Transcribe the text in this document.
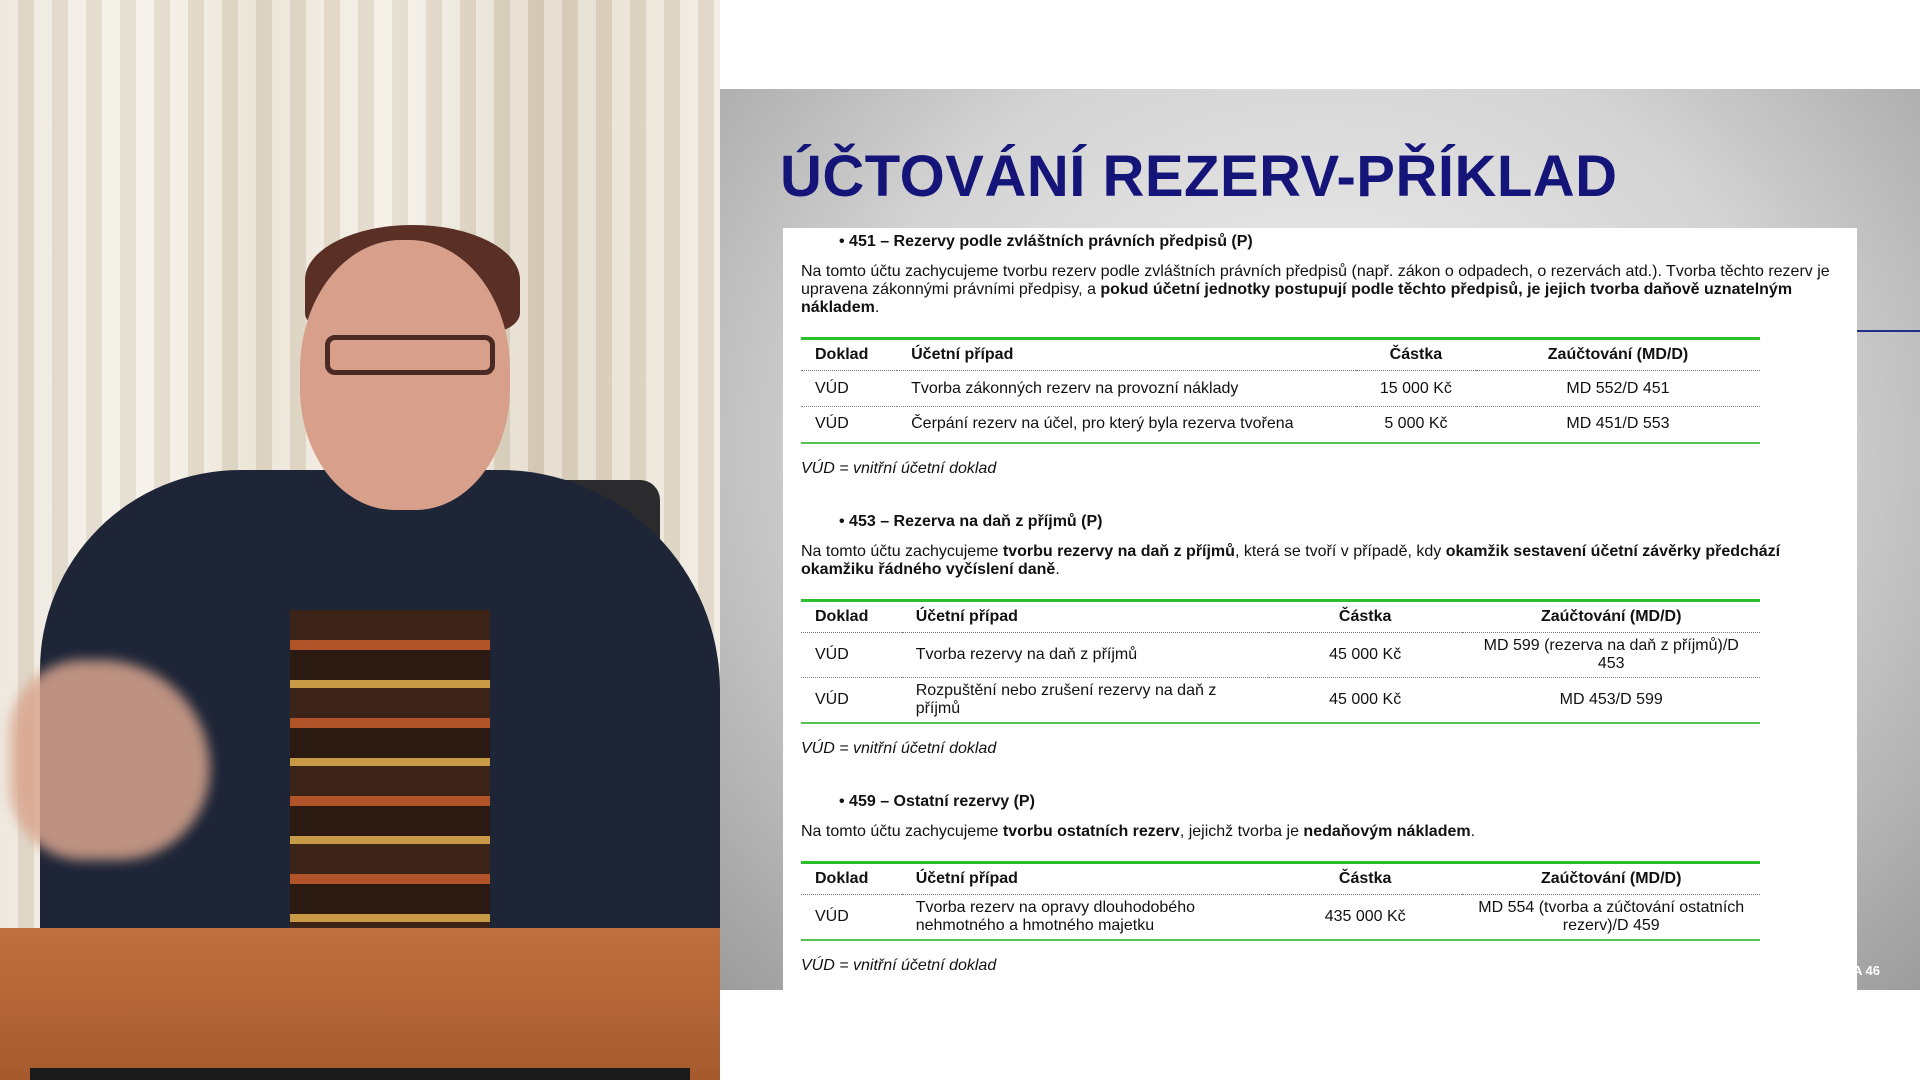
ÚČTOVÁNÍ REZERV-PŘÍKLAD
• 451 – Rezervy podle zvláštních právních předpisů (P)
Na tomto účtu zachycujeme tvorbu rezerv podle zvláštních právních předpisů (např. zákon o odpadech, o rezervách atd.). Tvorba těchto rezerv je upravena zákonnými právními předpisy, a pokud účetní jednotky postupují podle těchto předpisů, je jejich tvorba daňově uznatelným nákladem.
Doklad	Účetní případ	Částka	Zaúčtování (MD/D)
VÚD	Tvorba zákonných rezerv na provozní náklady	15 000 Kč	MD 552/D 451
VÚD	Čerpání rezerv na účel, pro který byla rezerva tvořena	5 000 Kč	MD 451/D 553
VÚD = vnitřní účetní doklad
• 453 – Rezerva na daň z příjmů (P)
Na tomto účtu zachycujeme tvorbu rezervy na daň z příjmů, která se tvoří v případě, kdy okamžik sestavení účetní závěrky předchází okamžiku řádného vyčíslení daně.
Doklad	Účetní případ	Částka	Zaúčtování (MD/D)
VÚD	Tvorba rezervy na daň z příjmů	45 000 Kč	MD 599 (rezerva na daň z příjmů)/D 453
VÚD	Rozpuštění nebo zrušení rezervy na daň z příjmů	45 000 Kč	MD 453/D 599
VÚD = vnitřní účetní doklad
• 459 – Ostatní rezervy (P)
Na tomto účtu zachycujeme tvorbu ostatních rezerv, jejichž tvorba je nedaňovým nákladem.
Doklad	Účetní případ	Částka	Zaúčtování (MD/D)
VÚD	Tvorba rezerv na opravy dlouhodobého nehmotného a hmotného majetku	435 000 Kč	MD 554 (tvorba a zúčtování ostatních rezerv)/D 459
VÚD = vnitřní účetní doklad	A 46
